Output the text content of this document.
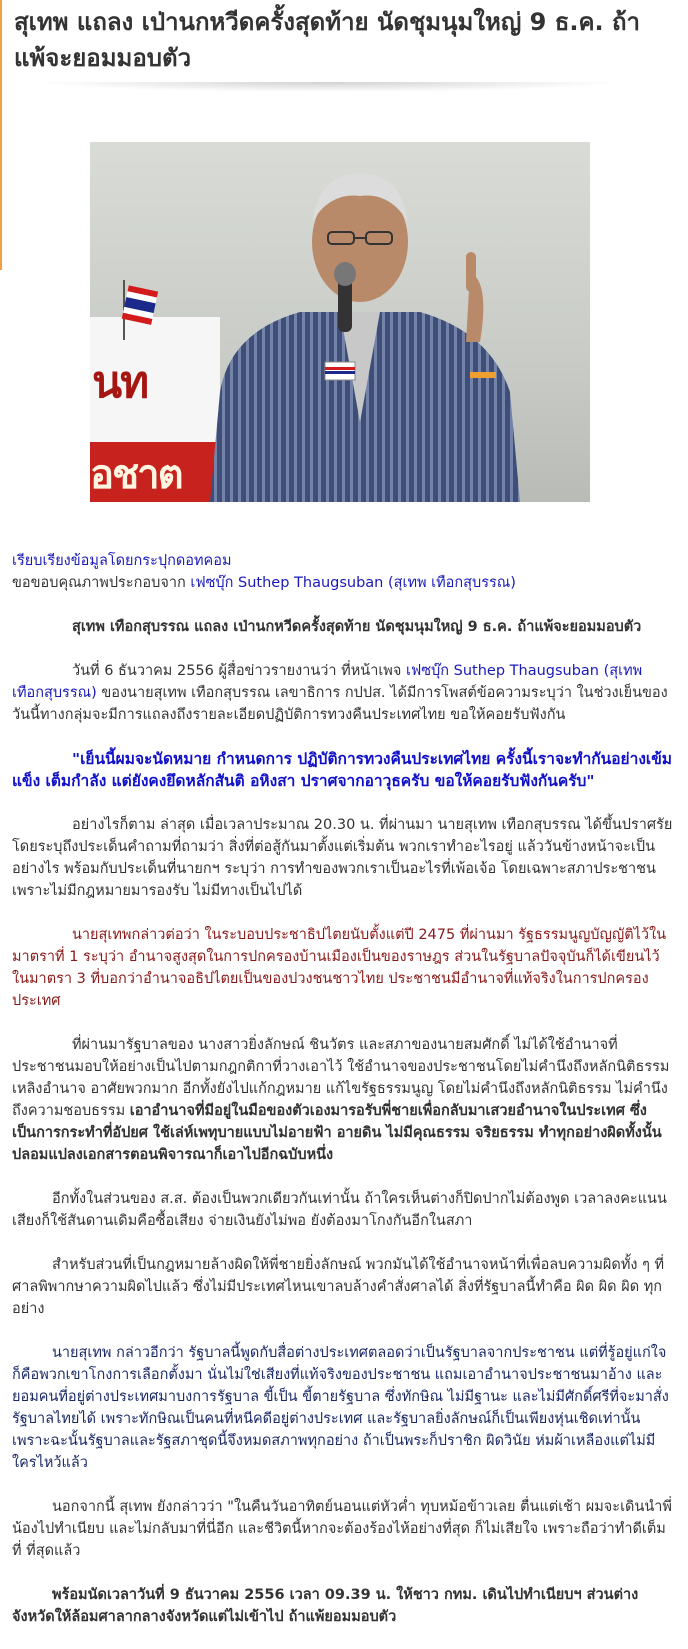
สุเทพ แถลง เป่านกหวีดครั้งสุดท้าย นัดชุมนุมใหญ่ 9 ธ.ค. ถ้าแพ้จะยอมมอบตัว
นท
อชาต
เรียบเรียงข้อมูลโดยกระปุกดอทคอม
ขอขอบคุณภาพประกอบจาก เฟซบุ๊ก Suthep Thaugsuban (สุเทพ เทือกสุบรรณ)

สุเทพ เทือกสุบรรณ แถลง เป่านกหวีดครั้งสุดท้าย นัดชุมนุมใหญ่ 9 ธ.ค. ถ้าแพ้จะยอมมอบตัว

วันที่ 6 ธันวาคม 2556 ผู้สื่อข่าวรายงานว่า ที่หน้าเพจ เฟซบุ๊ก Suthep Thaugsuban (สุเทพ เทือกสุบรรณ) ของนายสุเทพ เทือกสุบรรณ เลขาธิการ กปปส. ได้มีการโพสต์ข้อความระบุว่า ในช่วงเย็นของวันนี้ทางกลุ่มจะมีการแถลงถึงรายละเอียดปฏิบัติการทวงคืนประเทศไทย ขอให้คอยรับฟังกัน

"เย็นนี้ผมจะนัดหมาย กำหนดการ ปฏิบัติการทวงคืนประเทศไทย ครั้งนี้เราจะทำกันอย่างเข้มแข็ง เต็มกำลัง แต่ยังคงยึดหลักสันติ อหิงสา ปราศจากอาวุธครับ ขอให้คอยรับฟังกันครับ"

อย่างไรก็ตาม ล่าสุด เมื่อเวลาประมาณ 20.30 น. ที่ผ่านมา นายสุเทพ เทือกสุบรรณ ได้ขึ้นปราศรัย โดยระบุถึงประเด็นคำถามที่ถามว่า สิ่งที่ต่อสู้กันมาตั้งแต่เริ่มต้น พวกเราทำอะไรอยู่ แล้ววันข้างหน้าจะเป็นอย่างไร พร้อมกับประเด็นที่นายกฯ ระบุว่า การทำของพวกเราเป็นอะไรที่เพ้อเจ้อ โดยเฉพาะสภาประชาชนเพราะไม่มีกฎหมายมารองรับ ไม่มีทางเป็นไปได้

นายสุเทพกล่าวต่อว่า ในระบอบประชาธิปไตยนับตั้งแต่ปี 2475 ที่ผ่านมา รัฐธรรมนูญบัญญัติไว้ในมาตราที่ 1 ระบุว่า อำนาจสูงสุดในการปกครองบ้านเมืองเป็นของราษฎร ส่วนในรัฐบาลปัจจุบันก็ได้เขียนไว้ในมาตรา 3 ที่บอกว่าอำนาจอธิปไตยเป็นของปวงชนชาวไทย ประชาชนมีอำนาจที่แท้จริงในการปกครองประเทศ

ที่ผ่านมารัฐบาลของ นางสาวยิ่งลักษณ์ ชินวัตร และสภาของนายสมศักดิ์ ไม่ได้ใช้อำนาจที่ประชาชนมอบให้อย่างเป็นไปตามกฎกติกาที่วางเอาไว้ ใช้อำนาจของประชาชนโดยไม่คำนึงถึงหลักนิติธรรม เหลิงอำนาจ อาศัยพวกมาก อีกทั้งยังไปแก้กฎหมาย แก้ไขรัฐธรรมนูญ โดยไม่คำนึงถึงหลักนิติธรรม ไม่คำนึงถึงความชอบธรรม เอาอำนาจที่มีอยู่ในมือของตัวเองมารอรับพี่ชายเพื่อกลับมาเสวยอำนาจในประเทศ ซึ่งเป็นการกระทำที่อัปยศ ใช้เล่ห์เพทุบายแบบไม่อายฟ้า อายดิน ไม่มีคุณธรรม จริยธรรม ทำทุกอย่างผิดทั้งนั้น ปลอมแปลงเอกสารตอนพิจารณาก็เอาไปอีกฉบับหนึ่ง

อีกทั้งในส่วนของ ส.ส. ต้องเป็นพวกเดียวกันเท่านั้น ถ้าใครเห็นต่างก็ปิดปากไม่ต้องพูด เวลาลงคะแนนเสียงก็ใช้สันดานเดิมคือซื้อเสียง จ่ายเงินยังไม่พอ ยังต้องมาโกงกันอีกในสภา

สำหรับส่วนที่เป็นกฎหมายล้างผิดให้พี่ชายยิ่งลักษณ์ พวกมันได้ใช้อำนาจหน้าที่เพื่อลบความผิดทั้ง ๆ ที่ศาลพิพากษาความผิดไปแล้ว ซึ่งไม่มีประเทศไหนเขาลบล้างคำสั่งศาลได้ สิ่งที่รัฐบาลนี้ทำคือ ผิด ผิด ผิด ทุกอย่าง

นายสุเทพ กล่าวอีกว่า รัฐบาลนี้พูดกับสื่อต่างประเทศตลอดว่าเป็นรัฐบาลจากประชาชน แต่ที่รู้อยู่แก่ใจก็คือพวกเขาโกงการเลือกตั้งมา นั่นไม่ใช่เสียงที่แท้จริงของประชาชน แถมเอาอำนาจประชาชนมาอ้าง และยอมคนที่อยู่ต่างประเทศมาบงการรัฐบาล ขี้เป็น ขี้ตายรัฐบาล ซึ่งทักษิณ ไม่มีฐานะ และไม่มีศักดิ์ศรีที่จะมาสั่งรัฐบาลไทยได้ เพราะทักษิณเป็นคนที่หนีคดีอยู่ต่างประเทศ และรัฐบาลยิ่งลักษณ์ก็เป็นเพียงหุ่นเชิดเท่านั้น เพราะฉะนั้นรัฐบาลและรัฐสภาชุดนี้จึงหมดสภาพทุกอย่าง ถ้าเป็นพระก็ปราชิก ผิดวินัย ห่มผ้าเหลืองแต่ไม่มีใครไหว้แล้ว

นอกจากนี้ สุเทพ ยังกล่าวว่า "ในคืนวันอาทิตย์นอนแต่หัวค่ำ ทุบหม้อข้าวเลย ตื่นแต่เช้า ผมจะเดินนำพี่น้องไปทำเนียบ และไม่กลับมาที่นี่อีก และชีวิตนี้หากจะต้องร้องไห้อย่างที่สุด ก็ไม่เสียใจ เพราะถือว่าทำดีเต็มที่ ที่สุดแล้ว

พร้อมนัดเวลาวันที่ 9 ธันวาคม 2556 เวลา 09.39 น. ให้ชาว กทม. เดินไปทำเนียบฯ ส่วนต่างจังหวัดให้ล้อมศาลากลางจังหวัดแต่ไม่เข้าไป ถ้าแพ้ยอมมอบตัว
